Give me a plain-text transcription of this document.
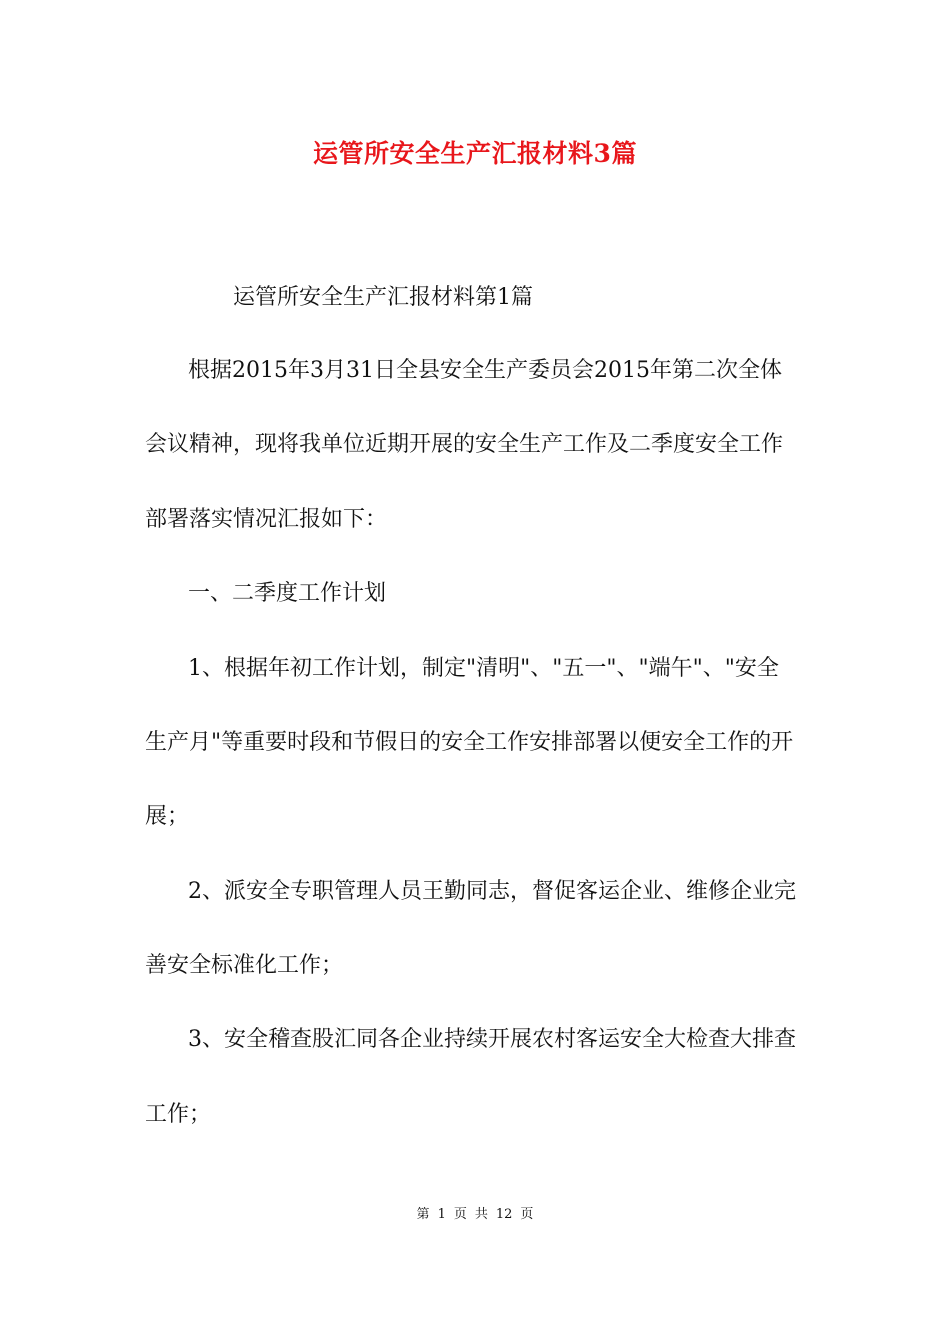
运管所安全生产汇报材料3篇
运管所安全生产汇报材料第1篇
根据2015年3月31日全县安全生产委员会2015年第二次全体
会议精神，现将我单位近期开展的安全生产工作及二季度安全工作
部署落实情况汇报如下：
一、二季度工作计划
1、根据年初工作计划，制定"清明"、"五一"、"端午"、"安全
生产月"等重要时段和节假日的安全工作安排部署以便安全工作的开
展；
2、派安全专职管理人员王勤同志，督促客运企业、维修企业完
善安全标准化工作；
3、安全稽查股汇同各企业持续开展农村客运安全大检查大排查
工作；
第 1 页 共 12 页
